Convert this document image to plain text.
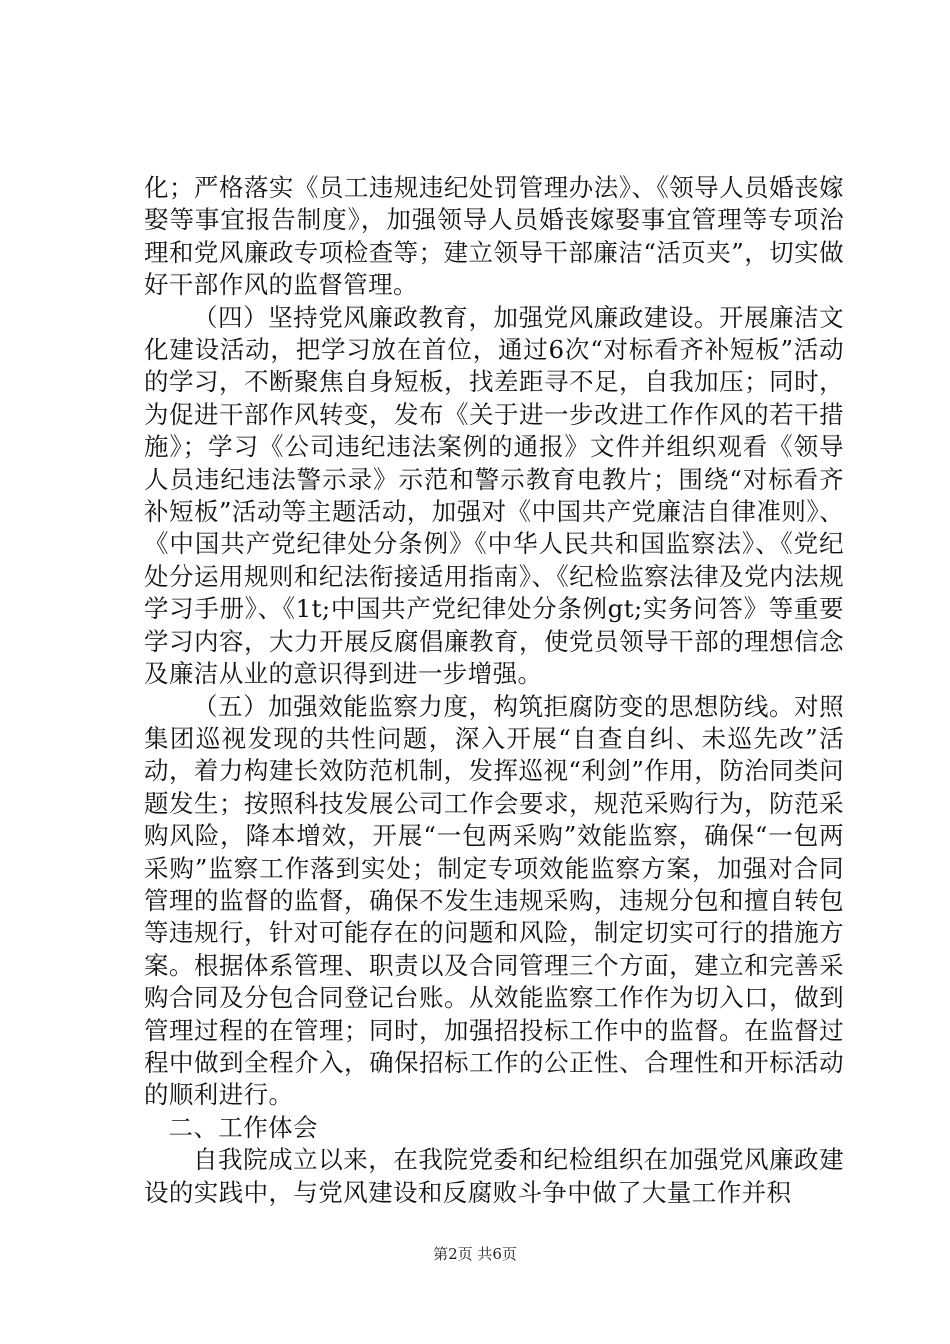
化；严格落实《员工违规违纪处罚管理办法》、《领导人员婚丧嫁娶等事宜报告制度》，加强领导人员婚丧嫁娶事宜管理等专项治理和党风廉政专项检查等；建立领导干部廉洁“活页夹”，切实做好干部作风的监督管理。

（四）坚持党风廉政教育，加强党风廉政建设。开展廉洁文化建设活动，把学习放在首位，通过6次“对标看齐补短板”活动的学习，不断聚焦自身短板，找差距寻不足，自我加压；同时，为促进干部作风转变，发布《关于进一步改进工作作风的若干措施》；学习《公司违纪违法案例的通报》文件并组织观看《领导人员违纪违法警示录》示范和警示教育电教片；围绕“对标看齐补短板”活动等主题活动，加强对《中国共产党廉洁自律准则》、《中国共产党纪律处分条例》《中华人民共和国监察法》、《党纪处分运用规则和纪法衔接适用指南》、《纪检监察法律及党内法规学习手册》、《1t;中国共产党纪律处分条例gt;实务问答》等重要学习内容，大力开展反腐倡廉教育，使党员领导干部的理想信念及廉洁从业的意识得到进一步增强。

（五）加强效能监察力度，构筑拒腐防变的思想防线。对照集团巡视发现的共性问题，深入开展“自查自纠、未巡先改”活动，着力构建长效防范机制，发挥巡视“利剑”作用，防治同类问题发生；按照科技发展公司工作会要求，规范采购行为，防范采购风险，降本增效，开展“一包两采购”效能监察，确保“一包两采购”监察工作落到实处；制定专项效能监察方案，加强对合同管理的监督的监督，确保不发生违规采购，违规分包和擅自转包等违规行，针对可能存在的问题和风险，制定切实可行的措施方案。根据体系管理、职责以及合同管理三个方面，建立和完善采购合同及分包合同登记台账。从效能监察工作作为切入口，做到管理过程的在管理；同时，加强招投标工作中的监督。在监督过程中做到全程介入，确保招标工作的公正性、合理性和开标活动的顺利进行。

二、工作体会

自我院成立以来，在我院党委和纪检组织在加强党风廉政建设的实践中，与党风建设和反腐败斗争中做了大量工作并积

第2页 共6页
